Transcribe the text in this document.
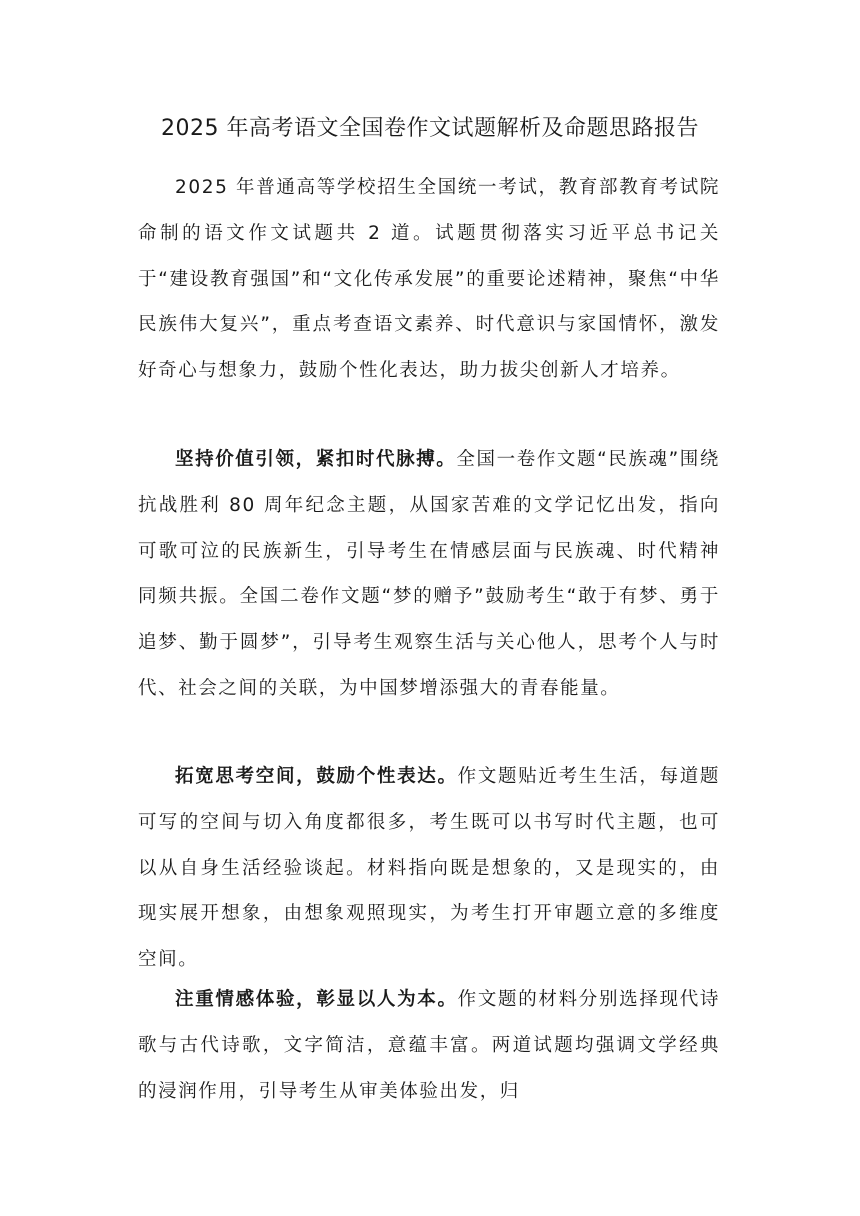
2025 年高考语文全国卷作文试题解析及命题思路报告

2025 年普通高等学校招生全国统一考试，教育部教育考试院命制的语文作文试题共 2 道。试题贯彻落实习近平总书记关于“建设教育强国”和“文化传承发展”的重要论述精神，聚焦“中华民族伟大复兴”，重点考查语文素养、时代意识与家国情怀，激发好奇心与想象力，鼓励个性化表达，助力拔尖创新人才培养。

坚持价值引领，紧扣时代脉搏。全国一卷作文题“民族魂”围绕抗战胜利 80 周年纪念主题，从国家苦难的文学记忆出发，指向可歌可泣的民族新生，引导考生在情感层面与民族魂、时代精神同频共振。全国二卷作文题“梦的赠予”鼓励考生“敢于有梦、勇于追梦、勤于圆梦”，引导考生观察生活与关心他人，思考个人与时代、社会之间的关联，为中国梦增添强大的青春能量。

拓宽思考空间，鼓励个性表达。作文题贴近考生生活，每道题可写的空间与切入角度都很多，考生既可以书写时代主题，也可以从自身生活经验谈起。材料指向既是想象的，又是现实的，由现实展开想象，由想象观照现实，为考生打开审题立意的多维度空间。

注重情感体验，彰显以人为本。作文题的材料分别选择现代诗歌与古代诗歌，文字简洁，意蕴丰富。两道试题均强调文学经典的浸润作用，引导考生从审美体验出发，归
